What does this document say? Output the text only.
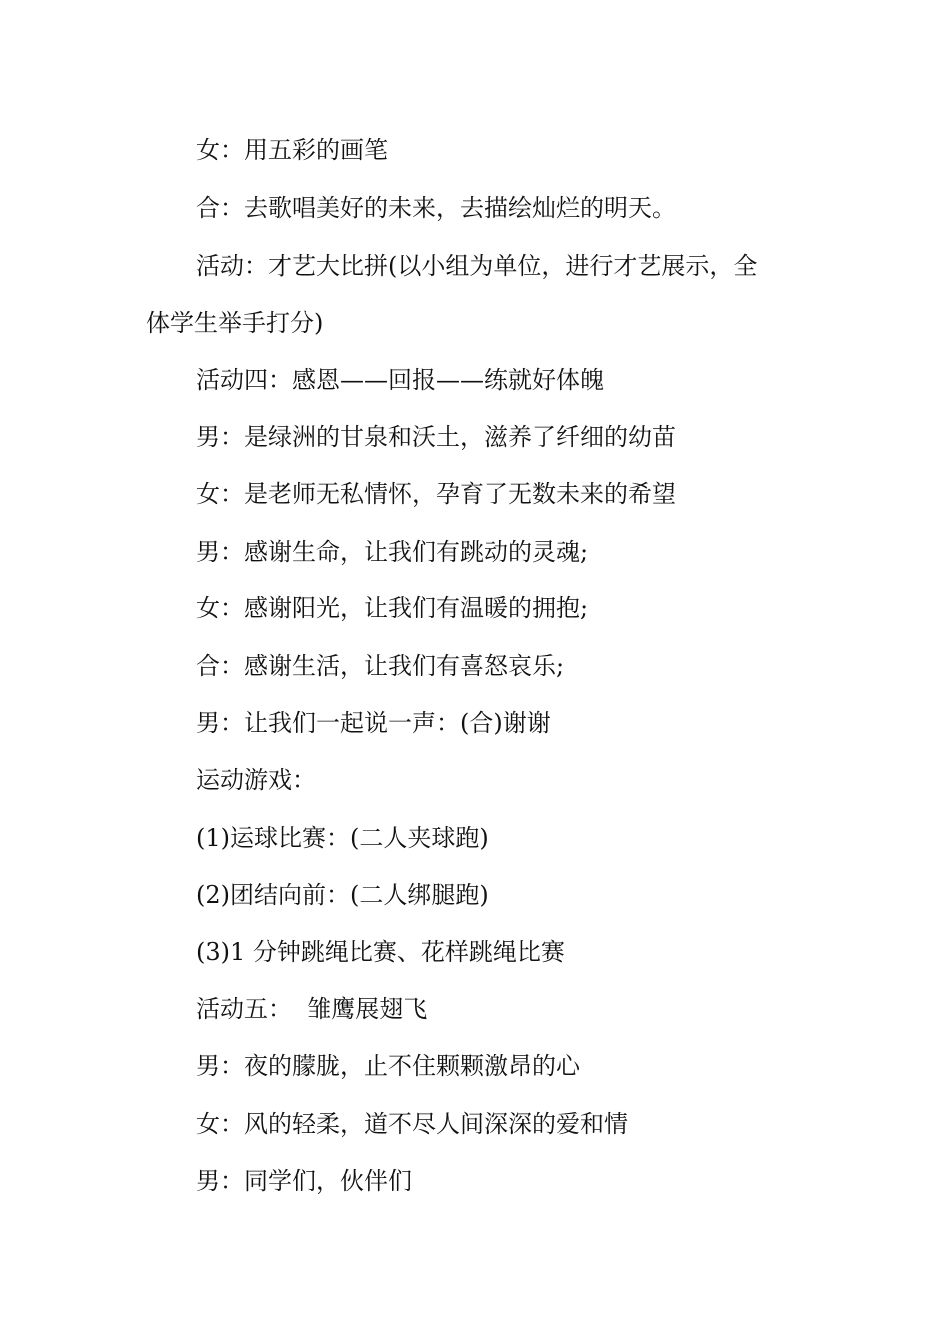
女：用五彩的画笔
合：去歌唱美好的未来，去描绘灿烂的明天。
活动：才艺大比拼(以小组为单位，进行才艺展示，全
体学生举手打分)
活动四：感恩——回报——练就好体魄
男：是绿洲的甘泉和沃土，滋养了纤细的幼苗
女：是老师无私情怀，孕育了无数未来的希望
男：感谢生命，让我们有跳动的灵魂;
女：感谢阳光，让我们有温暖的拥抱;
合：感谢生活，让我们有喜怒哀乐;
男：让我们一起说一声：(合)谢谢
运动游戏：
(1)运球比赛：(二人夹球跑)
(2)团结向前：(二人绑腿跑)
(3)1 分钟跳绳比赛、花样跳绳比赛
活动五：  雏鹰展翅飞
男：夜的朦胧，止不住颗颗激昂的心
女：风的轻柔，道不尽人间深深的爱和情
男：同学们，伙伴们
